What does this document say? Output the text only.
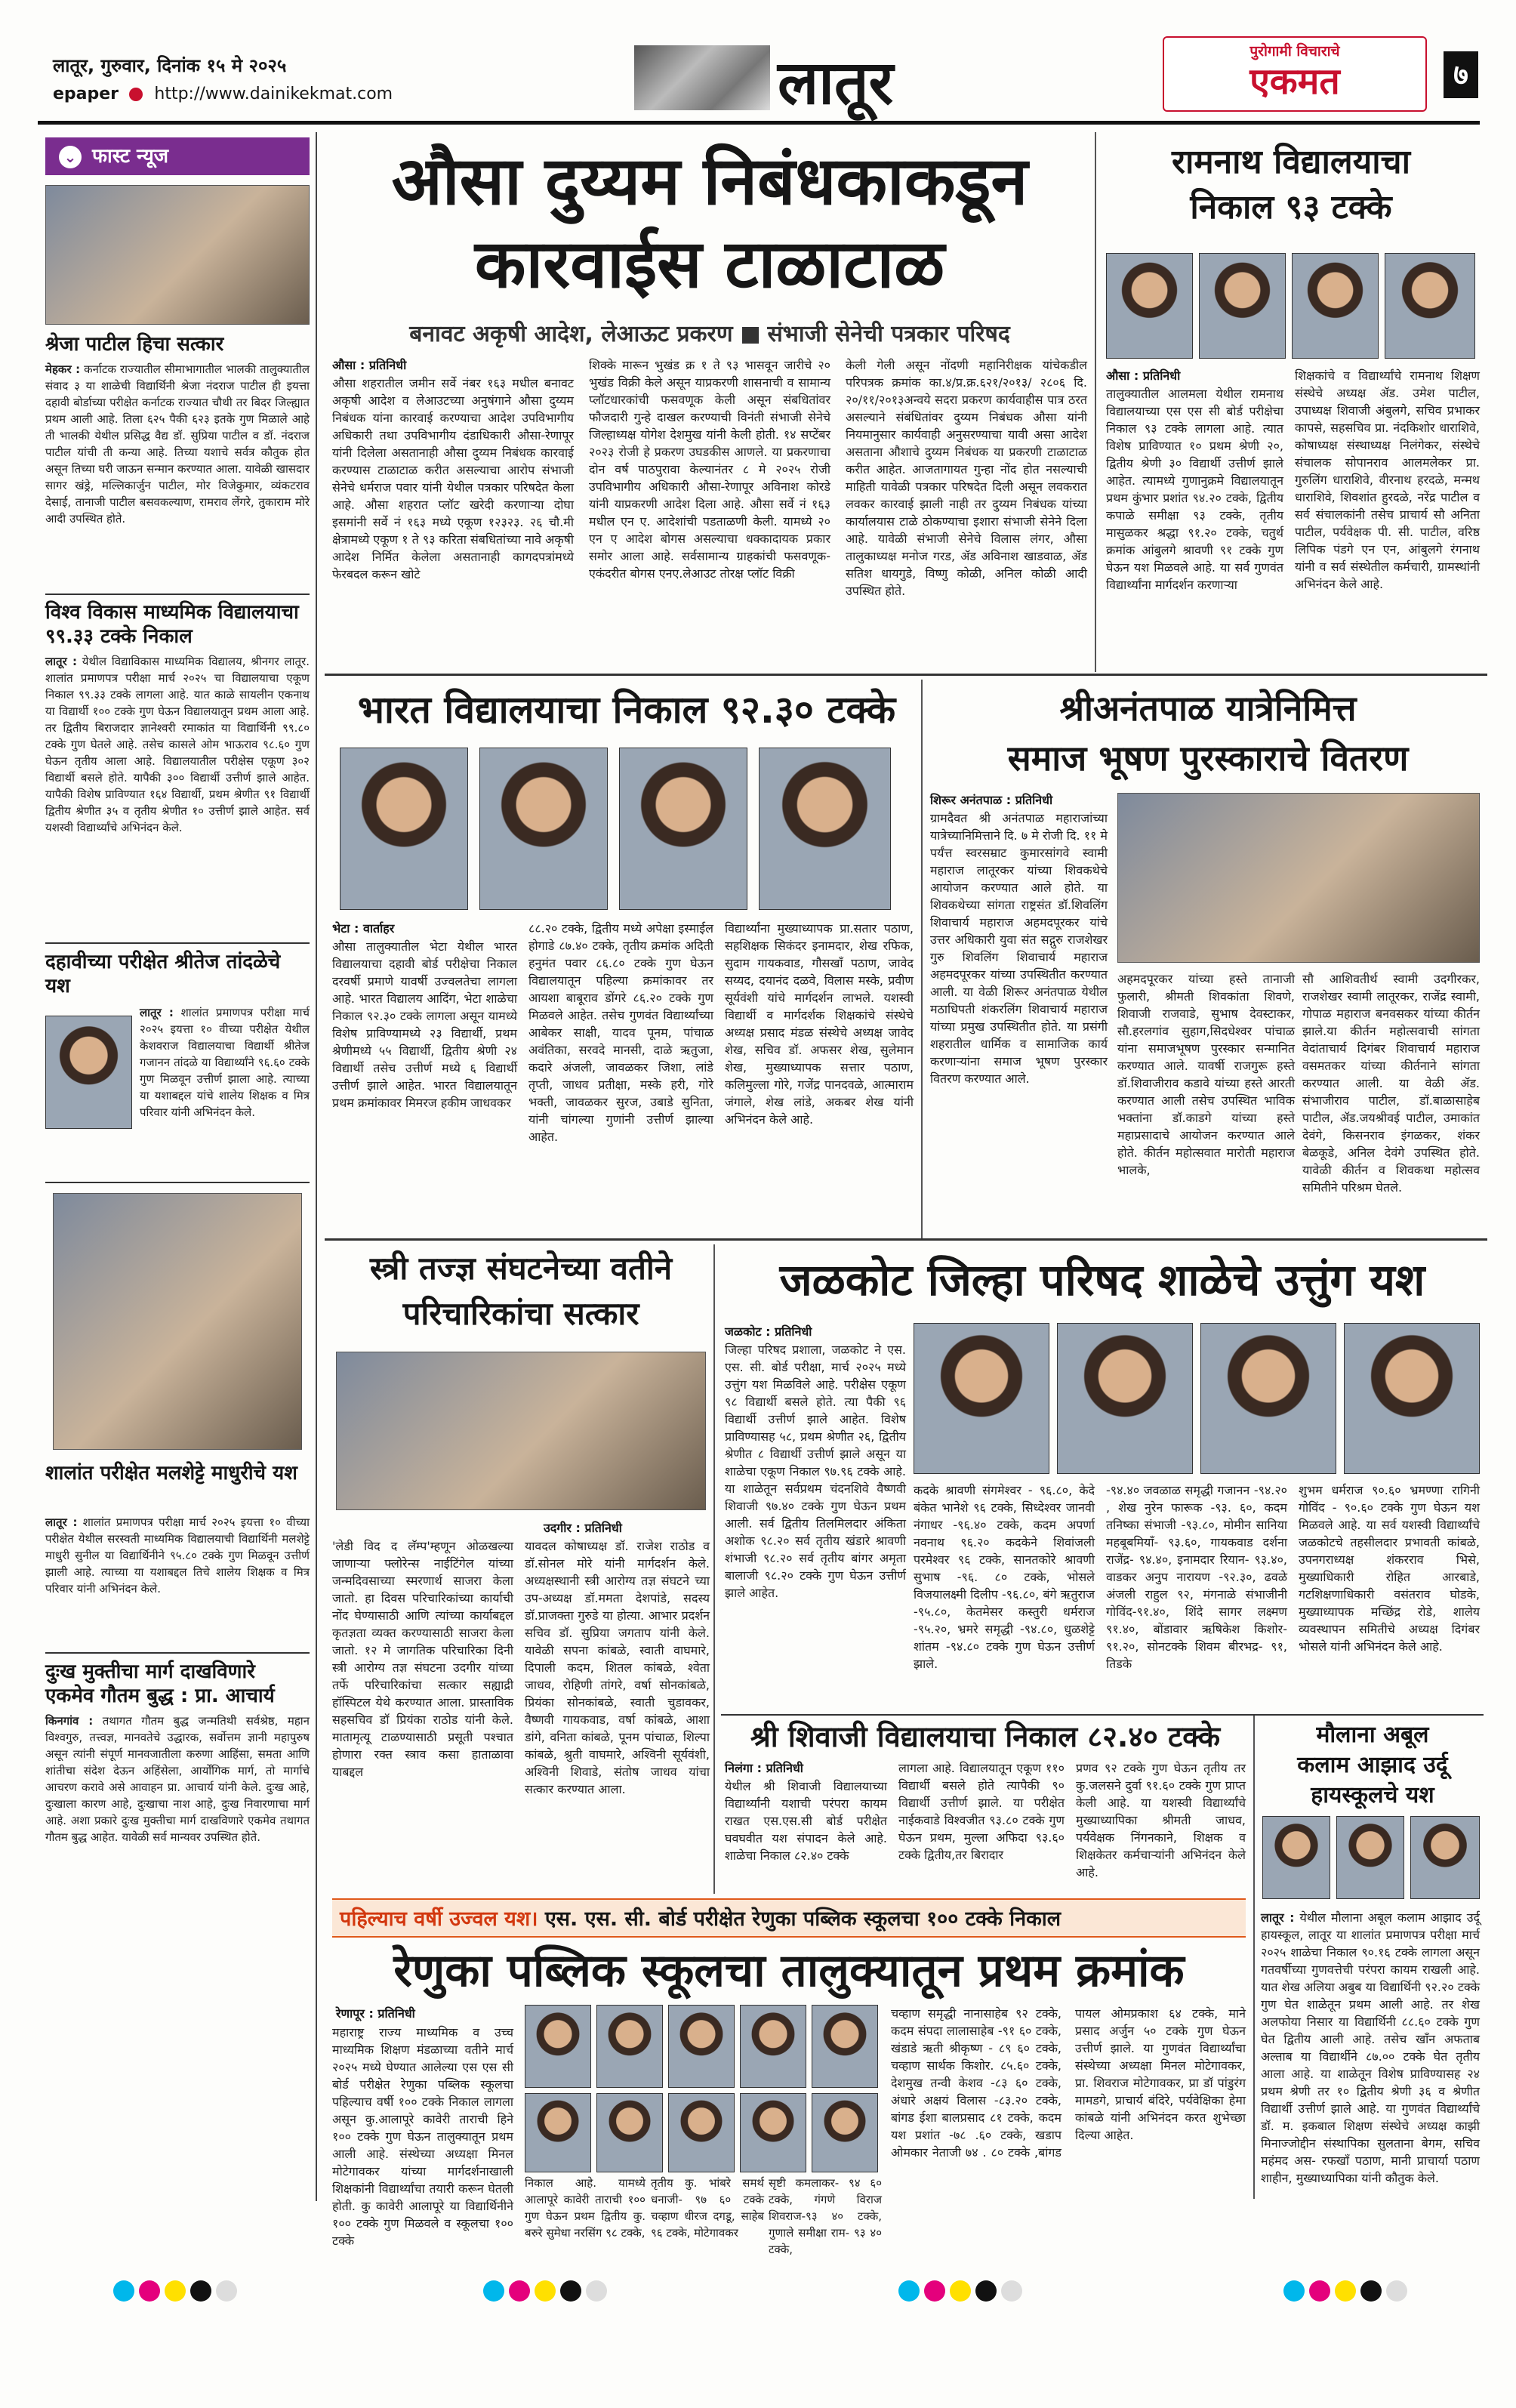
लातूर, गुरुवार, दिनांक १५ मे २०२५
epaper http://www.dainikekmat.com	लातूर	पुरोगामी विचाराचे
एकमत	७
⌄ फास्ट न्यूज
श्रेजा पाटील हिचा सत्कार
मेहकर : कर्नाटक राज्यातील सीमाभागातील भालकी तालुक्यातील संवाद ३ या शाळेची विद्यार्थिनी श्रेजा नंदराज पाटील ही इयत्ता दहावी बोर्डाच्या परीक्षेत कर्नाटक राज्यात चौथी तर बिदर जिल्ह्यात प्रथम आली आहे. तिला ६२५ पैकी ६२३ इतके गुण मिळाले आहे ती भालकी येथील प्रसिद्ध वैद्य डॉ. सुप्रिया पाटील व डॉ. नंदराज पाटील यांची ती कन्या आहे. तिच्या यशाचे सर्वत्र कौतुक होत असून तिच्या घरी जाऊन सन्मान करण्यात आला. यावेळी खासदार सागर खंड्रे, मल्लिकार्जुन पाटील, मोर विजेकुमार, व्यंकटराव देसाई, तानाजी पाटील बसवकल्याण, रामराव लेंगरे, तुकाराम मोरे आदी उपस्थित होते.
विश्व विकास माध्यमिक विद्यालयाचा ९९.३३ टक्के निकाल
लातूर : येथील विद्याविकास माध्यमिक विद्यालय, श्रीनगर लातूर. शालांत प्रमाणपत्र परीक्षा मार्च २०२५ चा विद्यालयाचा एकूण निकाल ९९.३३ टक्के लागला आहे. यात काळे सायलीन एकनाथ या विद्यार्थी १०० टक्के गुण घेऊन विद्यालयातून प्रथम आला आहे. तर द्वितीय बिराजदार ज्ञानेश्वरी रमाकांत या विद्यार्थिनी ९९.८० टक्के गुण घेतले आहे. तसेच कासले ओम भाऊराव ९८.६० गुण घेऊन तृतीय आला आहे. विद्यालयातील परीक्षेस एकूण ३०२ विद्यार्थी बसले होते. यापैकी ३०० विद्यार्थी उत्तीर्ण झाले आहेत. यापैकी विशेष प्राविण्यात १६४ विद्यार्थी, प्रथम श्रेणीत ९१ विद्यार्थी द्वितीय श्रेणीत ३५ व तृतीय श्रेणीत १० उत्तीर्ण झाले आहेत. सर्व यशस्वी विद्यार्थ्यांचे अभिनंदन केले.
दहावीच्या परीक्षेत श्रीतेज तांदळेचे यश
लातूर : शालांत प्रमाणपत्र परीक्षा मार्च २०२५ इयत्ता १० वीच्या परीक्षेत येथील केशवराज विद्यालयाचा विद्यार्थी श्रीतेज गजानन तांदळे या विद्यार्थ्यांने ९६.६० टक्के गुण मिळवून उत्तीर्ण झाला आहे. त्याच्या या यशाबद्दल यांचे शालेय शिक्षक व मित्र परिवार यांनी अभिनंदन केले.
शालांत परीक्षेत मलशेट्टे माधुरीचे यश
लातूर : शालांत प्रमाणपत्र परीक्षा मार्च २०२५ इयत्ता १० वीच्या परीक्षेत येथील सरस्वती माध्यमिक विद्यालयाची विद्यार्थिनी मलशेट्टे माधुरी सुनील या विद्यार्थिनीने ९५.८० टक्के गुण मिळवून उत्तीर्ण झाली आहे. त्याच्या या यशाबद्दल तिचे शालेय शिक्षक व मित्र परिवार यांनी अभिनंदन केले.
दुःख मुक्तीचा मार्ग दाखविणारे एकमेव गौतम बुद्ध : प्रा. आचार्य
किनगांव : तथागत गौतम बुद्ध जन्मतिथी सर्वश्रेष्ठ, महान विश्वगुरु, तत्त्वज्ञ, मानवतेचे उद्धारक, सर्वोत्तम ज्ञानी महापुरुष असून त्यांनी संपूर्ण मानवजातीला करुणा आहिंसा, समता आणि शांतीचा संदेश देऊन अहिंसेला, आर्योंगिक मार्ग, तो मार्गाचे आचरण करावे असे आवाहन प्रा. आचार्य यांनी केले. दुःख आहे, दुःखाला कारण आहे, दुःखाचा नाश आहे, दुःख निवारणाचा मार्ग आहे. अशा प्रकारे दुःख मुक्तीचा मार्ग दाखविणारे एकमेव तथागत गौतम बुद्ध आहेत. यावेळी सर्व मान्यवर उपस्थित होते.
औसा दुय्यम निबंधकाकडून कारवाईस टाळाटाळ
बनावट अकृषी आदेश, लेआऊट प्रकरण संभाजी सेनेची पत्रकार परिषद
औसा : प्रतिनिधी
औसा शहरातील जमीन सर्वे नंबर १६३ मधील बनावट अकृषी आदेश व लेआउटच्या अनुषंगाने औसा दुय्यम निबंधक यांना कारवाई करण्याचा आदेश उपविभागीय अधिकारी तथा उपविभागीय दंडाधिकारी औसा-रेणापूर यांनी दिलेला असतानाही औसा दुय्यम निबंधक कारवाई करण्यास टाळाटाळ करीत असल्याचा आरोप संभाजी सेनेचे धर्मराज पवार यांनी येथील पत्रकार परिषदेत केला आहे. औसा शहरात प्लॉट खरेदी करणाऱ्या दोघा इसमांनी सर्वे नं १६३ मध्ये एकूण १२३२३. २६ चौ.मी क्षेत्रामध्ये एकूण १ ते ९३ करिता संबधितांच्या नावे अकृषी आदेश निर्मित केलेला असतानाही कागदपत्रांमध्ये फेरबदल करून खोटे
शिक्के मारून भुखंड क्र १ ते ९३ भासवून जारीचे २० भुखंड विक्री केले असून याप्रकरणी शासनाची व सामान्य प्लॉटधारकांची फसवणूक केली असून संबधितांवर फौजदारी गुन्हे दाखल करण्याची विनंती संभाजी सेनेचे जिल्हाध्यक्ष योगेश देशमुख यांनी केली होती. १४ सप्टेंबर २०२३ रोजी हे प्रकरण उघडकीस आणले. या प्रकरणाचा दोन वर्ष पाठपुरावा केल्यानंतर ८ मे २०२५ रोजी उपविभागीय अधिकारी औसा-रेणापूर अविनाश कोरडे यांनी याप्रकरणी आदेश दिला आहे. औसा सर्वे नं १६३ मधील एन ए. आदेशांची पडताळणी केली. यामध्ये २० एन ए आदेश बोगस असल्याचा धक्कादायक प्रकार समोर आला आहे. सर्वसामान्य ग्राहकांची फसवणूक-एकंदरीत बोगस एनए.लेआउट तोरक्ष प्लॉट विक्री
केली गेली असून नोंदणी महानिरीक्षक यांचेकडील परिपत्रक क्रमांक का.४/प्र.क्र.६२१/२०१३/ २८०६ दि. २०/११/२०१३अन्वये सदरा प्रकरण कार्यवाहीस पात्र ठरत असल्याने संबंधितांवर दुय्यम निबंधक औसा यांनी नियमानुसार कार्यवाही अनुसरण्याचा यावी असा आदेश असताना औशाचे दुय्यम निबंधक या प्रकरणी टाळाटाळ करीत आहेत. आजतागायत गुन्हा नोंद होत नसल्याची माहिती यावेळी पत्रकार परिषदेत दिली असून लवकरात लवकर कारवाई झाली नाही तर दुय्यम निबंधक यांच्या कार्यालयास टाळे ठोकण्याचा इशारा संभाजी सेनेने दिला आहे. यावेळी संभाजी सेनेचे विलास लंगर, औसा तालुकाध्यक्ष मनोज गरड, ॲड अविनाश खाडवाळ, ॲड सतिश धायगुडे, विष्णु कोळी, अनिल कोळी आदी उपस्थित होते.
रामनाथ विद्यालयाचा
निकाल ९३ टक्के
औसा : प्रतिनिधी
तालुक्यातील आलमला येथील रामनाथ विद्यालयाच्या एस एस सी बोर्ड परीक्षेचा निकाल ९३ टक्के लागला आहे. त्यात विशेष प्राविण्यात १० प्रथम श्रेणी २०, द्वितीय श्रेणी ३० विद्यार्थी उत्तीर्ण झाले आहेत. त्यामध्ये गुणानुक्रमे विद्यालयातून प्रथम कुंभार प्रशांत ९४.२० टक्के, द्वितीय कपाळे समीक्षा ९३ टक्के, तृतीय मासुळकर श्रद्धा ९१.२० टक्के, चतुर्थ क्रमांक आंबुलगे श्रावणी ९१ टक्के गुण घेऊन यश मिळवले आहे. या सर्व गुणवंत विद्यार्थ्यांना मार्गदर्शन करणाऱ्या
शिक्षकांचे व विद्यार्थ्यांचे रामनाथ शिक्षण संस्थेचे अध्यक्ष ॲड. उमेश पाटील, उपाध्यक्ष शिवाजी अंबुलगे, सचिव प्रभाकर कापसे, सहसचिव प्रा. नंदकिशोर धाराशिवे, कोषाध्यक्ष संस्थाध्यक्ष निलंगेकर, संस्थेचे संचालक सोपानराव आलमलेकर प्रा. गुरुलिंग धाराशिवे, वीरनाथ हरदळे, मन्मथ धाराशिवे, शिवशांत हुरदळे, नरेंद्र पाटील व सर्व संचालकांनी तसेच प्राचार्य सौ अनिता पाटील, पर्यवेक्षक पी. सी. पाटील, वरिष्ठ लिपिक पंडगे एन एन, आंबुलगे रंगनाथ यांनी व सर्व संस्थेतील कर्मचारी, ग्रामस्थांनी अभिनंदन केले आहे.
भारत विद्यालयाचा निकाल ९२.३० टक्के
भेटा : वार्ताहर
औसा तालुक्यातील भेटा येथील भारत विद्यालयाचा दहावी बोर्ड परीक्षेचा निकाल दरवर्षी प्रमाणे यावर्षी उज्वलतेचा लागला आहे. भारत विद्यालय आदिंग, भेटा शाळेचा निकाल ९२.३० टक्के लागला असून यामध्ये विशेष प्राविण्यामध्ये २३ विद्यार्थी, प्रथम श्रेणीमध्ये ५५ विद्यार्थी, द्वितीय श्रेणी २४ विद्यार्थी तसेच उत्तीर्ण मध्ये ६ विद्यार्थी उत्तीर्ण झाले आहेत. भारत विद्यालयातून प्रथम क्रमांकावर मिमरज हकीम जाधवकर
८८.२० टक्के, द्वितीय मध्ये अपेक्षा इस्माईल होगाडे ८७.४० टक्के, तृतीय क्रमांक अदिती हनुमंत पवार ८६.८० टक्के गुण घेऊन विद्यालयातून पहिल्या क्रमांकावर तर आयशा बाबूराव डोंगरे ८६.२० टक्के गुण मिळवले आहेत. तसेच गुणवंत विद्यार्थ्यांच्या आबेकर साक्षी, यादव पूनम, पांचाळ अवंतिका, सरवदे मानसी, दाळे ऋतुजा, कदारे अंजली, जावळकर जिशा, लांडे तृप्ती, जाधव प्रतीक्षा, मस्के हरी, गोरे भक्ती, जावळकर सुरज, उबाडे सुनिता, यांनी चांगल्या गुणांनी उत्तीर्ण झाल्या आहेत.
विद्यार्थ्यांना मुख्याध्यापक प्रा.सतार पठाण, सहशिक्षक सिकंदर इनामदार, शेख रफिक, सुदाम गायकवाड, गौसखाँ पठाण, जावेद सय्यद, दयानंद दळवे, विलास मस्के, प्रवीण सूर्यवंशी यांचे मार्गदर्शन लाभले. यशस्वी विद्यार्थी व मार्गदर्शक शिक्षकांचे संस्थेचे अध्यक्ष प्रसाद मंडळ संस्थेचे अध्यक्ष जावेद शेख, सचिव डॉ. अफसर शेख, सुलेमान शेख, मुख्याध्यापक सत्तार पठाण, कलिमुल्ला गोरे, गजेंद्र पानदवळे, आत्माराम जंगाले, शेख लांडे, अकबर शेख यांनी अभिनंदन केले आहे.
श्रीअनंतपाळ यात्रेनिमित्त
समाज भूषण पुरस्काराचे वितरण
शिरूर अनंतपाळ : प्रतिनिधी
ग्रामदैवत श्री अनंतपाळ महाराजांच्या यात्रेच्यानिमित्ताने दि. ७ मे रोजी दि. ११ मे पर्यंत्त स्वरसम्राट कुमारसांगवे स्वामी महाराज लातूरकर यांच्या शिवकथेचे आयोजन करण्यात आले होते. या शिवकथेच्या सांगता राष्ट्रसंत डॉ.शिवलिंग शिवाचार्य महाराज अहमदपूरकर यांचे उत्तर अधिकारी युवा संत सद्गुरु राजशेखर गुरु शिवलिंग शिवाचार्य महाराज अहमदपूरकर यांच्या उपस्थितीत करण्यात आली. या वेळी शिरूर अनंतपाळ येथील मठाधिपती शंकरलिंग शिवाचार्य महाराज यांच्या प्रमुख उपस्थितीत होते. या प्रसंगी शहरातील धार्मिक व सामाजिक कार्य करणाऱ्यांना समाज भूषण पुरस्कार वितरण करण्यात आले.
अहमदपूरकर यांच्या हस्ते तानाजी फुलारी, श्रीमती शिवकांता शिवणे, शिवाजी राजवाडे, सुभाष देवस्टाकर, सौ.हरलगांव सुहाग,सिदधेश्वर पांचाळ यांना समाजभूषण पुरस्कार सन्मानित करण्यात आले. यावर्षी राजगुरू हस्ते डॉ.शिवाजीराव कडावे यांच्या हस्ते आरती करण्यात आली तसेच उपस्थित भाविक भक्तांना डॉ.काडगे यांच्या हस्ते महाप्रसादाचे आयोजन करण्यात आले होते. कीर्तन महोत्सवात मारोती महाराज भालके,
सौ आशिवतीर्थ स्वामी उदगीरकर, राजशेखर स्वामी लातूरकर, राजेंद्र स्वामी, गोपाळ महाराज बनवसकर यांच्या कीर्तन झाले.या कीर्तन महोत्सवाची सांगता वेदांताचार्य दिगंबर शिवाचार्य महाराज वसमतकर यांच्या कीर्तनाने सांगता करण्यात आली. या वेळी ॲड. संभाजीराव पाटील, डॉ.बाळासाहेब पाटील, ॲड.जयश्रीवई पाटील, उमाकांत देवंगे, किसनराव इंगळकर, शंकर बेळकूडे, अनिल देवंगे उपस्थित होते. यावेळी कीर्तन व शिवकथा महोत्सव समितीने परिश्रम घेतले.
स्त्री तज्ज्ञ संघटनेच्या वतीने
परिचारिकांचा सत्कार
उदगीर : प्रतिनिधी
'लेडी विद द लॅम्प'म्हणून ओळखल्या जाणाऱ्या फ्लोरेन्स नाईटिंगेल यांच्या जन्मदिवसाच्या स्मरणार्थ साजरा केला जातो. हा दिवस परिचारिकांच्या कार्याची नोंद घेण्यासाठी आणि त्यांच्या कार्याबद्दल कृतज्ञता व्यक्त करण्यासाठी साजरा केला जातो. १२ मे जागतिक परिचारिका दिनी स्त्री आरोग्य तज्ञ संघटना उदगीर यांच्या तर्फे परिचारिकांचा सत्कार सह्याद्री हॉस्पिटल येथे करण्यात आला. प्रास्ताविक सहसचिव डॉ प्रियंका राठोड यांनी केले. मातामृत्यू टाळण्यासाठी प्रसूती पश्चात होणारा रक्त स्त्राव कसा हाताळावा याबद्दल
यावदल कोषाध्यक्ष डॉ. राजेश राठोड व डॉ.सोनल मोरे यांनी मार्गदर्शन केले. अध्यक्षस्थानी स्त्री आरोग्य तज्ञ संघटने च्या उप-अध्यक्ष डॉ.ममता देशपांडे, सदस्य डॉ.प्राजक्ता गुरुडे या होत्या. आभार प्रदर्शन सचिव डॉ. सुप्रिया जगताप यांनी केले. यावेळी सपना कांबळे, स्वाती वाघमारे, दिपाली कदम, शितल कांबळे, श्वेता जाधव, रोहिणी तांगरे, वर्षा सोनकांबळे, प्रियंका सोनकांबळे, स्वाती चुडावकर, वैष्णवी गायकवाड, वर्षा कांबळे, आशा डांगे, वनिता कांबळे, पूनम पांचाळ, शिल्पा कांबळे, श्रुती वाघमारे, अश्विनी सूर्यवंशी, अश्विनी शिवाडे, संतोष जाधव यांचा सत्कार करण्यात आला.
जळकोट जिल्हा परिषद शाळेचे उत्तुंग यश
जळकोट : प्रतिनिधी
जिल्हा परिषद प्रशाला, जळकोट ने एस. एस. सी. बोर्ड परीक्षा, मार्च २०२५ मध्ये उत्तुंग यश मिळविले आहे. परीक्षेस एकूण ९८ विद्यार्थी बसले होते. त्या पैकी ९६ विद्यार्थी उत्तीर्ण झाले आहेत. विशेष प्राविण्यासह ५८, प्रथम श्रेणीत २६, द्वितीय श्रेणीत ८ विद्यार्थी उत्तीर्ण झाले असून या शाळेचा एकूण निकाल ९७.९६ टक्के आहे. या शाळेतून सर्वप्रथम चंदनशिवे वैष्णवी शिवाजी ९७.४० टक्के गुण घेऊन प्रथम आली. सर्व द्वितीय तिलमिलदार अंकिता अशोक ९८.२० सर्व तृतीय खंडारे श्रावणी शंभाजी ९८.२० सर्व तृतीय बांगर अमृता बालाजी ९८.२० टक्के गुण घेऊन उत्तीर्ण झाले आहेत.
कदके श्रावणी संगमेश्वर - ९६.८०, केदे बंकेत भानेशे ९६ टक्के, सिध्देश्वर जानवी नंगाधर -९६.४० टक्के, कदम अपर्णा नवनाथ ९६.२० कदकेने शिवांजली परमेश्वर ९६ टक्के, सानतकोरे श्रावणी सुभाष -९६. ८० टक्के, भोसले विजयालक्ष्मी दिलीप -९६.८०, बंगे ऋतुराज -९५.८०, केतमेसर कस्तुरी धर्मराज -९५.२०, भ्रमरे समृद्धी -९४.८०, धुळशेट्टे शांतम -९४.८० टक्के गुण घेऊन उत्तीर्ण झाले.
-९४.४० जवळाळ समृद्धी गजानन -९४.२० , शेख नुरेन फारूक -९३. ६०, कदम तनिष्का संभाजी -९३.८०, मोमीन सानिया महबूबमियाँ- ९३.६०, गायकवाड दर्शना राजेंद्र- ९४.४०, इनामदार रियान- ९३.४०, वाडकर अनुप नारायण -९२.३०, ढवळे अंजली राहुल ९२, मंगनाळे संभाजीनी गोविंद-९१.४०, शिंदे सागर लक्ष्मण ९१.४०, बोंडावार ऋषिकेश किशोर- ९१.२०, सोनटक्के शिवम बीरभद्र- ९१, तिडके
शुभम धर्मराज ९०.६० भ्रमण्णा रागिनी गोविंद - ९०.६० टक्के गुण घेऊन यश मिळवले आहे. या सर्व यशस्वी विद्यार्थ्यांचे जळकोटचे तहसीलदार प्रभावती कांबळे, उपनगराध्यक्ष शंकरराव भिसे, मुख्याधिकारी रोहित आरबाडे, गटशिक्षणाधिकारी वसंतराव घोडके, मुख्याध्यापक मच्छिंद्र रोडे, शालेय व्यवस्थापन समितीचे अध्यक्ष दिगंबर भोसले यांनी अभिनंदन केले आहे.
श्री शिवाजी विद्यालयाचा निकाल ८२.४० टक्के
निलंगा : प्रतिनिधी
येथील श्री शिवाजी विद्यालयाच्या विद्यार्थ्यांनी यशाची परंपरा कायम राखत एस.एस.सी बोर्ड परीक्षेत घवघवीत यश संपादन केले आहे. शाळेचा निकाल ८२.४० टक्के
लागला आहे. विद्यालयातून एकूण ११० विद्यार्थी बसले होते त्यापैकी ९० विद्यार्थी उत्तीर्ण झाले. या परीक्षेत नाईकवाडे विश्वजीत ९३.८० टक्के गुण घेऊन प्रथम, मुल्ला अफिदा ९३.६० टक्के द्वितीय,तर बिरादार
प्रणव ९२ टक्के गुण घेऊन तृतीय तर कु.जलसने दुर्वा ९१.६० टक्के गुण प्राप्त केली आहे. या यशस्वी विद्यार्थ्यांचे मुख्याध्यापिका श्रीमती जाधव, पर्यवेक्षक निंगनकाने, शिक्षक व शिक्षकेतर कर्मचाऱ्यांनी अभिनंदन केले आहे.
मौलाना अबूल
कलाम आझाद उर्दू
हायस्कूलचे यश
लातूर : येथील मौलाना अबूल कलाम आझाद उर्दू हायस्कूल, लातूर या शालांत प्रमाणपत्र परीक्षा मार्च २०२५ शाळेचा निकाल ९०.१६ टक्के लागला असून गतवर्षीच्या गुणवत्तेची परंपरा कायम राखली आहे. यात शेख अलिया अबुब या विद्यार्थिनी ९२.२० टक्के गुण घेत शाळेतून प्रथम आली आहे. तर शेख अलफोया निसार या विद्यार्थिनी ८८.६० टक्के गुण घेत द्वितीय आली आहे. तसेच खाँन अफताब अल्ताब या विद्यार्थीने ८७.०० टक्के घेत तृतीय आला आहे. या शाळेतून विशेष प्राविण्यासह २४ प्रथम श्रेणी तर १० द्वितीय श्रेणी ३६ व श्रेणीत विद्यार्थी उत्तीर्ण झाले आहे. या गुणवंत विद्यार्थ्यांचे डॉ. म. इकबाल शिक्षण संस्थेचे अध्यक्ष काझी मिनाज्जोद्दीन संस्थापिका सुलताना बेगम, सचिव महंमद अस- रफखाँ पठाण, मानी प्राचार्या पठाण शाहीन, मुख्याध्यापिका यांनी कौतुक केले.
पहिल्याच वर्षी उज्वल यश। एस. एस. सी. बोर्ड परीक्षेत रेणुका पब्लिक स्कूलचा १०० टक्के निकाल
रेणुका पब्लिक स्कूलचा तालुक्यातून प्रथम क्रमांक
रेणापूर : प्रतिनिधी
महाराष्ट्र राज्य माध्यमिक व उच्च माध्यमिक शिक्षण मंडळाच्या वतीने मार्च २०२५ मध्ये घेण्यात आलेल्या एस एस सी बोर्ड परीक्षेत रेणुका पब्लिक स्कूलचा पहिल्याच वर्षी १०० टक्के निकाल लागला असून कु.आलापूरे कावेरी ताराची हिने १०० टक्के गुण घेऊन तालुक्यातून प्रथम आली आहे. संस्थेच्या अध्यक्षा मिनल मोटेगावकर यांच्या मार्गदर्शनाखाली शिक्षकांनी विद्यार्थ्यांचा तयारी करून घेतली होती. कु कावेरी आलापूरे या विद्यार्थिनीने १०० टक्के गुण मिळवले व स्कूलचा १०० टक्के
निकाल आहे. यामध्ये आलापूरे कावेरी ताराची १०० गुण घेऊन प्रथम द्वितीय कु. बरुरे सुमेधा नरसिंग ९८ टक्के,
तृतीय कु. भांबरे समर्थ धनाजी- ९७ ६० टक्के चव्हाण धीरज दगडू, साहेब ९६ टक्के, मोटेगावकर
सृष्टी कमलाकर- ९४ ६० टक्के, गंगणे विराज शिवराज-९३ ४० टक्के, गुणाले समीक्षा राम- ९३ ४० टक्के,
चव्हाण समृद्धी नानासाहेब ९२ टक्के, कदम संपदा लालासाहेब -९१ ६० टक्के, खंडाडे ऋती श्रीकृष्ण - ८९ ६० टक्के, चव्हाण सार्थक किशोर. ८५.६० टक्के, देशमुख तन्वी केशव -८३ ६० टक्के, अंधारे अक्षयं विलास -८३.२० टक्के, बांगड ईशा बालप्रसाद ८१ टक्के, कदम यश प्रशांत -७८ .६० टक्के, खडाप ओमकार नेताजी ७४ . ८० टक्के ,बांगड पायल ओमप्रकाश ६४ टक्के, माने प्रसाद अर्जुन ५० टक्के गुण घेऊन उत्तीर्ण झाले. या गुणवंत विद्यार्थ्यांचा संस्थेच्या अध्यक्षा मिनल मोटेगावकर, प्रा. शिवराज मोटेगावकर, प्रा डॉ पांडुरंग मामडगे, प्राचार्य बंदिरे, पर्यवेक्षिका हेमा कांबळे यांनी अभिनंदन करत शुभेच्छा दिल्या आहेत.
